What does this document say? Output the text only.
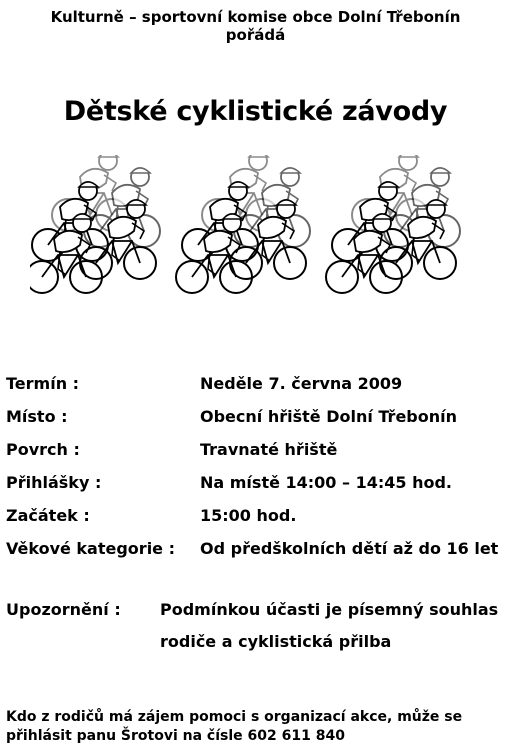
Kulturně – sportovní komise obce Dolní Třebonín
pořádá
Dětské cyklistické závody
Termín :	Neděle 7. června 2009
Místo :	Obecní hřiště Dolní Třebonín
Povrch :	Travnaté hřiště
Přihlášky :	Na místě 14:00 – 14:45 hod.
Začátek :	15:00 hod.
Věkové kategorie : Od předškolních dětí až do 16 let
Upozornění : Podmínkou účasti je písemný souhlas
rodiče a cyklistická přilba
Kdo z rodičů má zájem pomoci s organizací akce, může se
přihlásit panu Šrotovi na čísle 602 611 840
